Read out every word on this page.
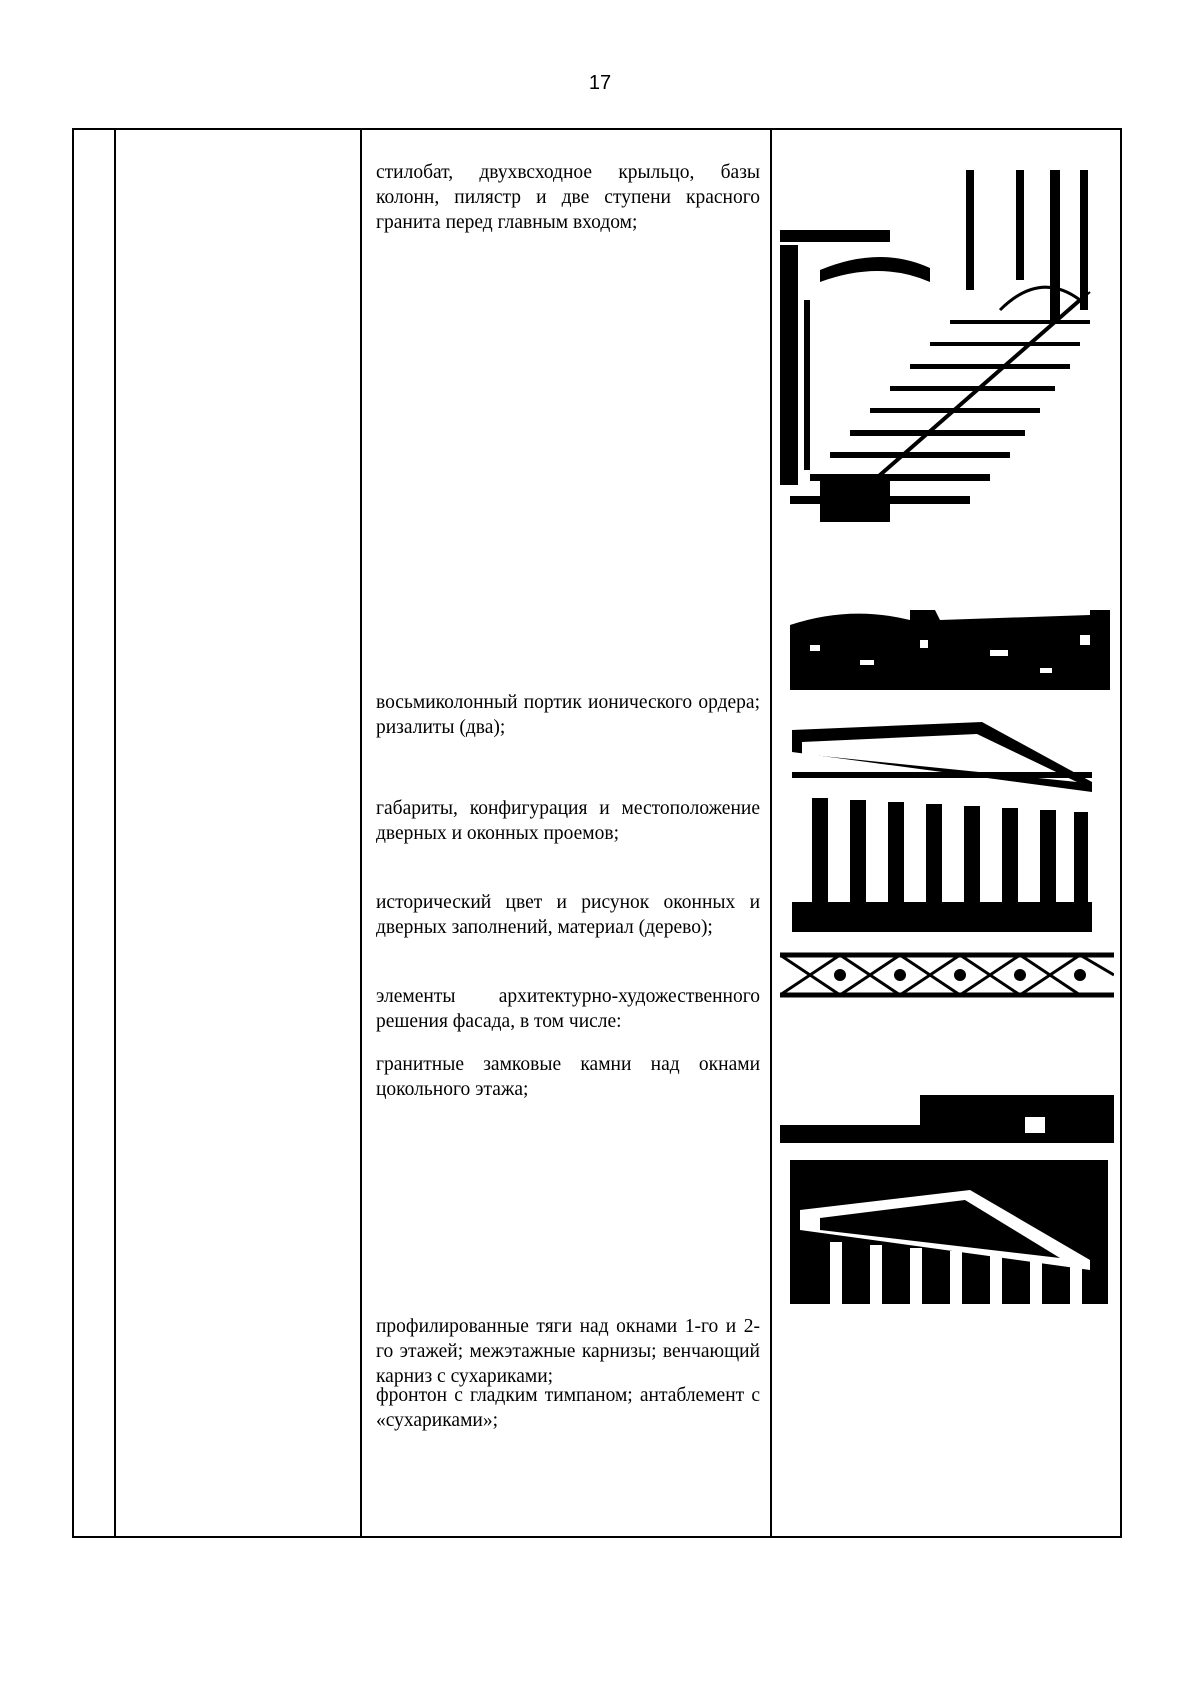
17

стилобат, двухвсходное крыльцо, базы колонн, пилястр и две ступени красного гранита перед главным входом;

восьмиколонный портик ионического ордера; ризалиты (два);

габариты, конфигурация и местоположение дверных и оконных проемов;

исторический цвет и рисунок оконных и дверных заполнений, материал (дерево);

элементы архитектурно-художественного решения фасада, в том числе:

гранитные замковые камни над окнами цокольного этажа;

профилированные тяги над окнами 1-го и 2-го этажей; межэтажные карнизы; венчающий карниз с сухариками;

фронтон с гладким тимпаном; антаблемент с «сухариками»;
